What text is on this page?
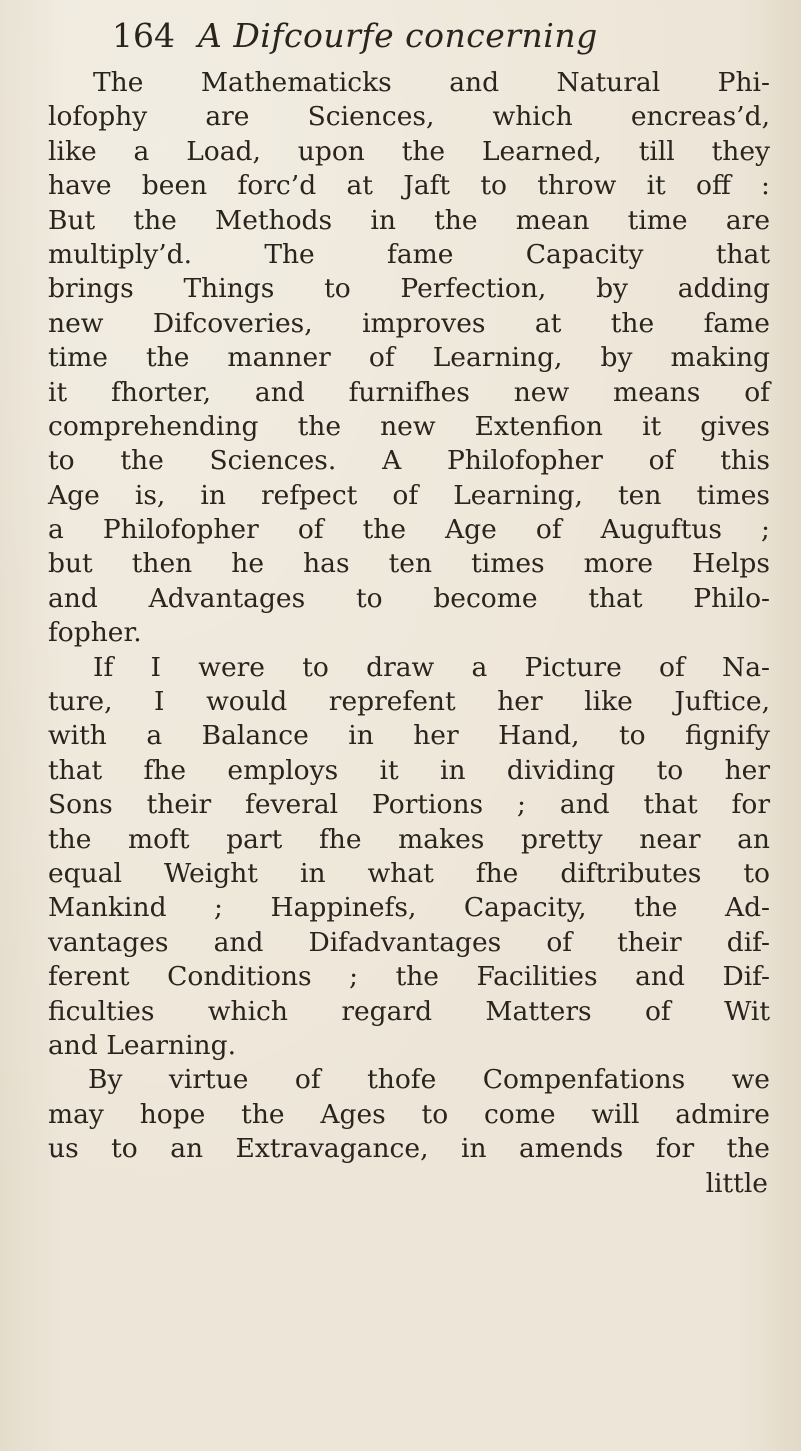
164 A Difcourfe concerning
The Mathematicks and Natural Phi-
lofophy are Sciences, which encreas’d,
like a Load, upon the Learned, till they
have been forc’d at Jaft to throw it off :
But the Methods in the mean time are
multiply’d. The fame Capacity that
brings Things to Perfection, by adding
new Difcoveries, improves at the fame
time the manner of Learning, by making
it fhorter, and furnifhes new means of
comprehending the new Extenfion it gives
to the Sciences. A Philofopher of this
Age is, in refpect of Learning, ten times
a Philofopher of the Age of Auguftus ;
but then he has ten times more Helps
and Advantages to become that Philo-
fopher.
If I were to draw a Picture of Na-
ture, I would reprefent her like Juftice,
with a Balance in her Hand, to fignify
that fhe employs it in dividing to her
Sons their feveral Portions ; and that for
the moft part fhe makes pretty near an
equal Weight in what fhe diftributes to
Mankind ; Happinefs, Capacity, the Ad-
vantages and Difadvantages of their dif-
ferent Conditions ; the Facilities and Dif-
ficulties which regard Matters of Wit
and Learning.
By virtue of thofe Compenfations we
may hope the Ages to come will admire
us to an Extravagance, in amends for the
little
